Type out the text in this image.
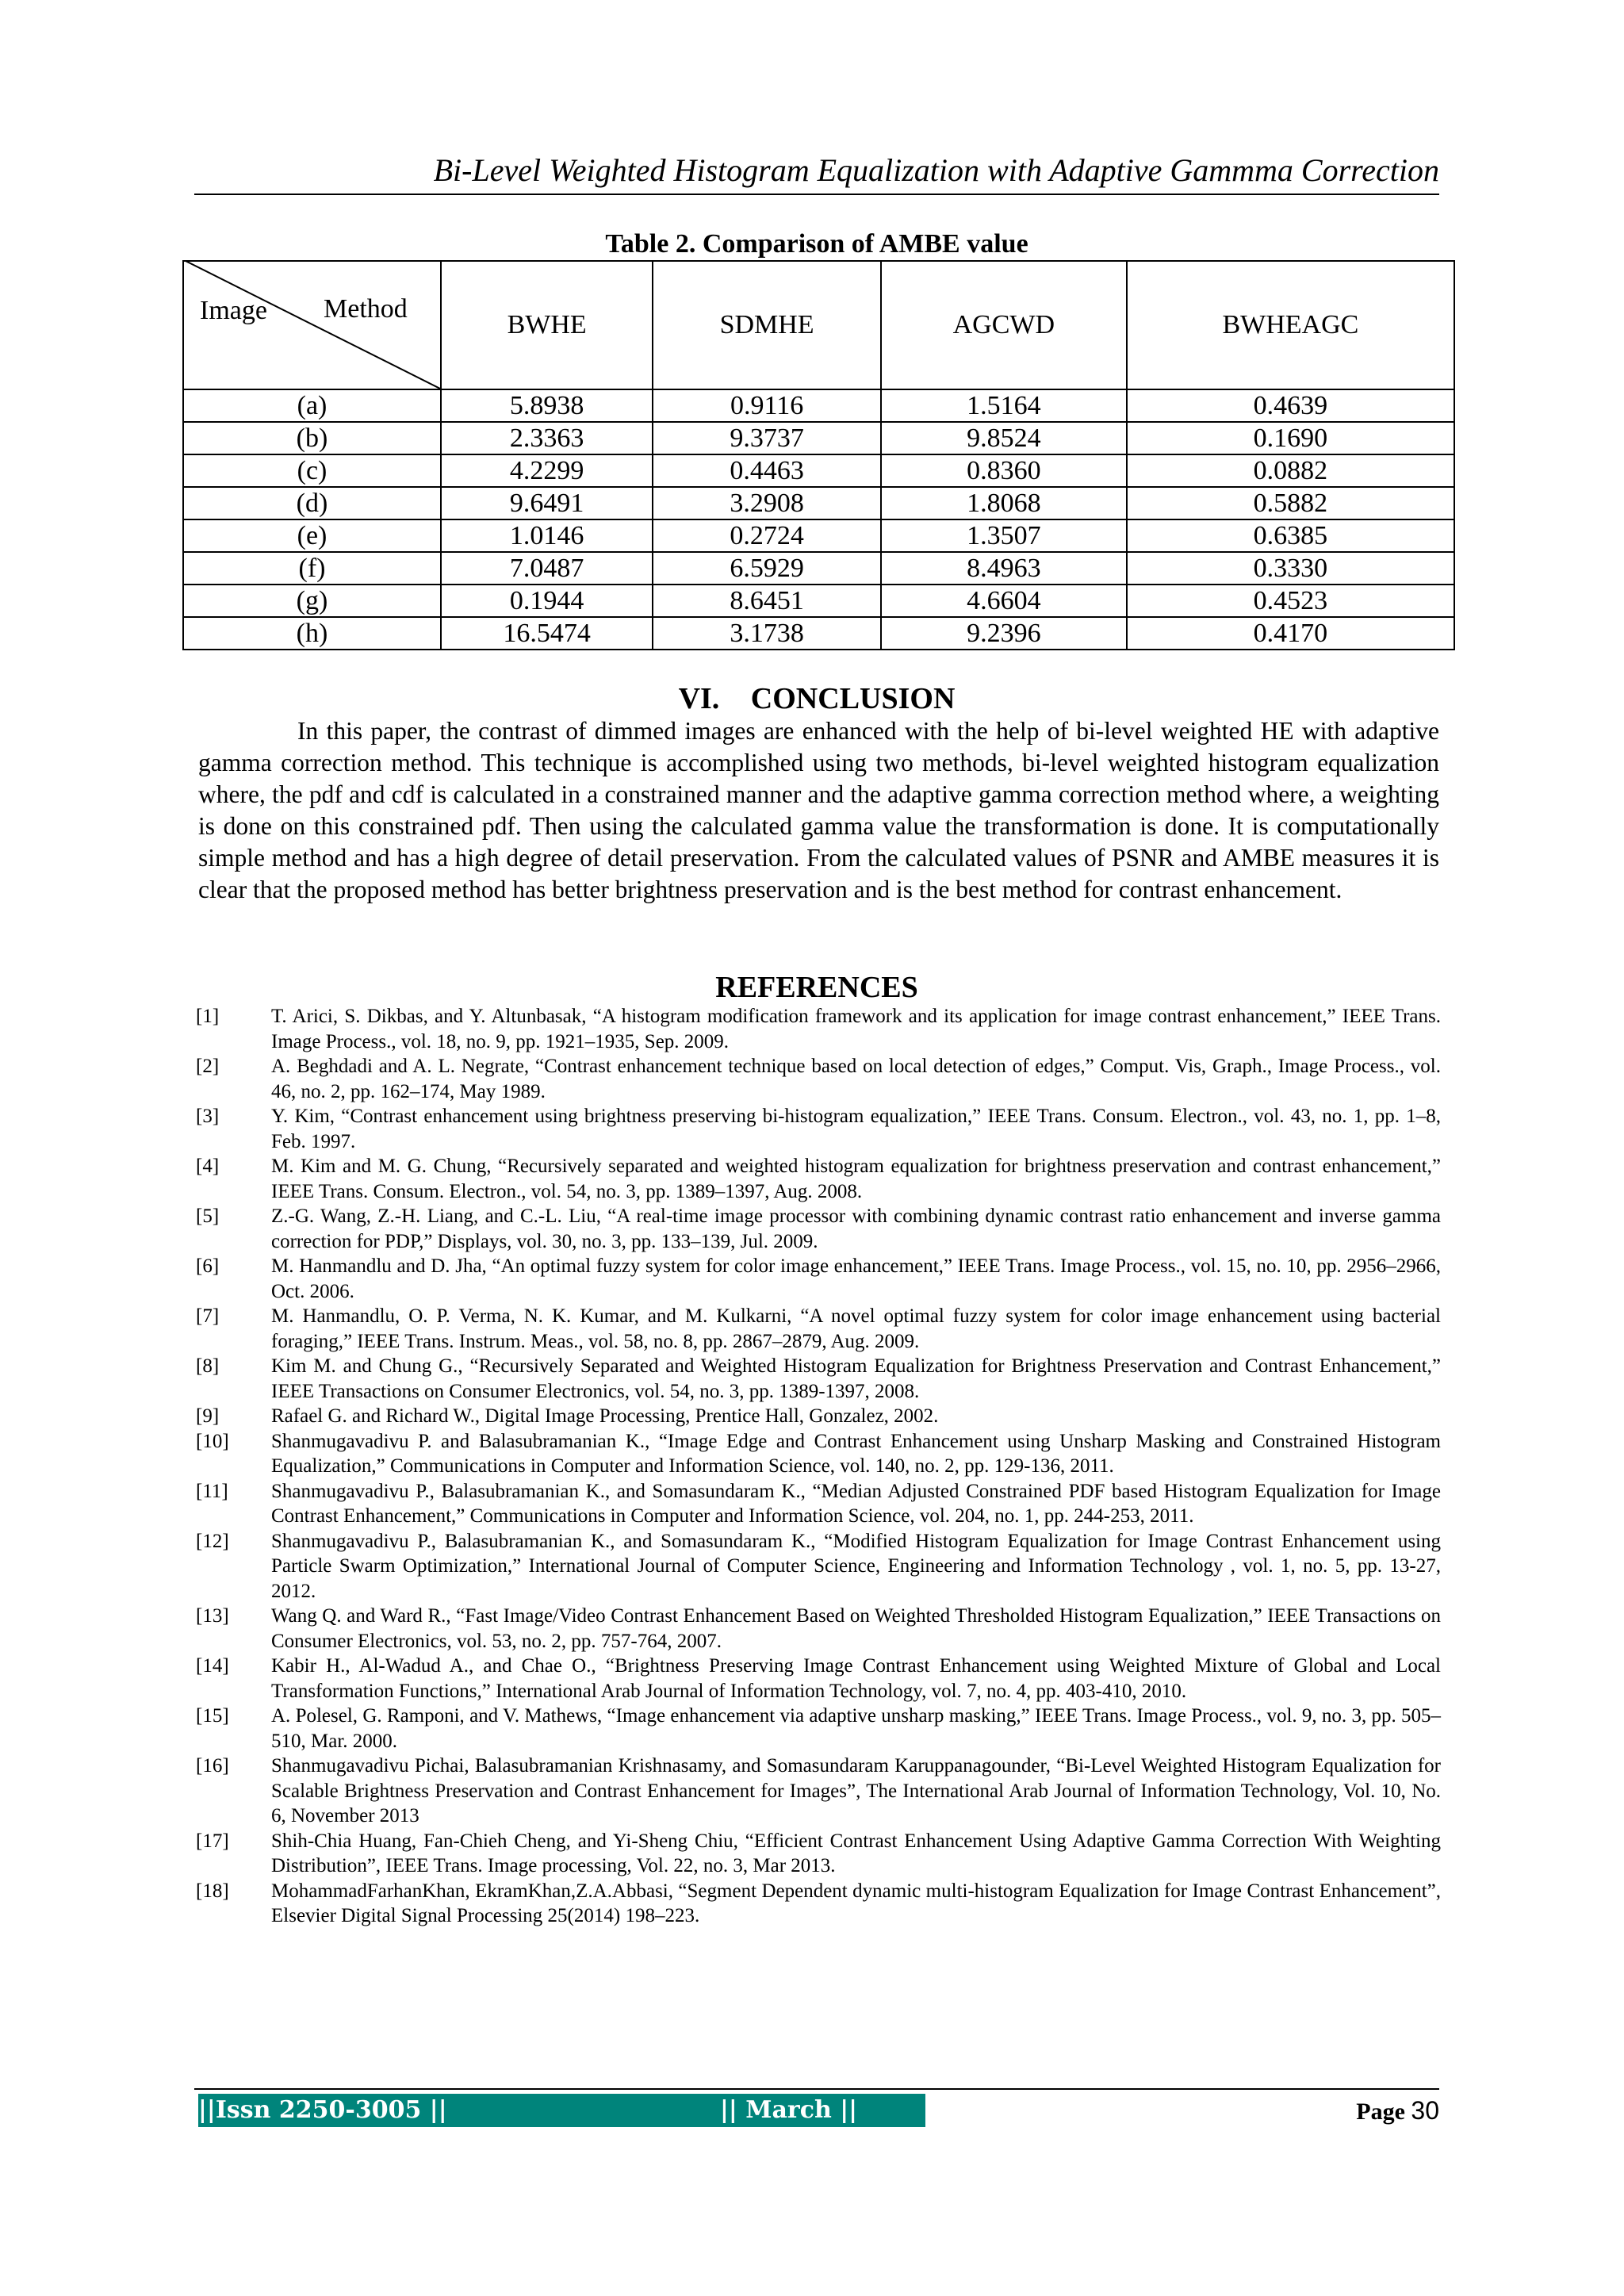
Bi-Level Weighted Histogram Equalization with Adaptive Gammma Correction
Table 2. Comparison of AMBE value
Image Method	BWHE	SDMHE	AGCWD	BWHEAGC
(a)	5.8938	0.9116	1.5164	0.4639
(b)	2.3363	9.3737	9.8524	0.1690
(c)	4.2299	0.4463	0.8360	0.0882
(d)	9.6491	3.2908	1.8068	0.5882
(e)	1.0146	0.2724	1.3507	0.6385
(f)	7.0487	6.5929	8.4963	0.3330
(g)	0.1944	8.6451	4.6604	0.4523
(h)	16.5474	3.1738	9.2396	0.4170
VI. CONCLUSION

In this paper, the contrast of dimmed images are enhanced with the help of bi-level weighted HE with adaptive gamma correction method. This technique is accomplished using two methods, bi-level weighted histogram equalization where, the pdf and cdf is calculated in a constrained manner and the adaptive gamma correction method where, a weighting is done on this constrained pdf. Then using the calculated gamma value the transformation is done. It is computationally simple method and has a high degree of detail preservation. From the calculated values of PSNR and AMBE measures it is clear that the proposed method has better brightness preservation and is the best method for contrast enhancement.

REFERENCES
[1]	T. Arici, S. Dikbas, and Y. Altunbasak, “A histogram modification framework and its application for image contrast enhancement,” IEEE Trans. Image Process., vol. 18, no. 9, pp. 1921–1935, Sep. 2009.
[2]	A. Beghdadi and A. L. Negrate, “Contrast enhancement technique based on local detection of edges,” Comput. Vis, Graph., Image Process., vol. 46, no. 2, pp. 162–174, May 1989.
[3]	Y. Kim, “Contrast enhancement using brightness preserving bi-histogram equalization,” IEEE Trans. Consum. Electron., vol. 43, no. 1, pp. 1–8, Feb. 1997.
[4]	M. Kim and M. G. Chung, “Recursively separated and weighted histogram equalization for brightness preservation and contrast enhancement,” IEEE Trans. Consum. Electron., vol. 54, no. 3, pp. 1389–1397, Aug. 2008.
[5]	Z.-G. Wang, Z.-H. Liang, and C.-L. Liu, “A real-time image processor with combining dynamic contrast ratio enhancement and inverse gamma correction for PDP,” Displays, vol. 30, no. 3, pp. 133–139, Jul. 2009.
[6]	M. Hanmandlu and D. Jha, “An optimal fuzzy system for color image enhancement,” IEEE Trans. Image Process., vol. 15, no. 10, pp. 2956–2966, Oct. 2006.
[7]	M. Hanmandlu, O. P. Verma, N. K. Kumar, and M. Kulkarni, “A novel optimal fuzzy system for color image enhancement using bacterial foraging,” IEEE Trans. Instrum. Meas., vol. 58, no. 8, pp. 2867–2879, Aug. 2009.
[8]	Kim M. and Chung G., “Recursively Separated and Weighted Histogram Equalization for Brightness Preservation and Contrast Enhancement,” IEEE Transactions on Consumer Electronics, vol. 54, no. 3, pp. 1389-1397, 2008.
[9]	Rafael G. and Richard W., Digital Image Processing, Prentice Hall, Gonzalez, 2002.
[10]	Shanmugavadivu P. and Balasubramanian K., “Image Edge and Contrast Enhancement using Unsharp Masking and Constrained Histogram Equalization,” Communications in Computer and Information Science, vol. 140, no. 2, pp. 129-136, 2011.
[11]	Shanmugavadivu P., Balasubramanian K., and Somasundaram K., “Median Adjusted Constrained PDF based Histogram Equalization for Image Contrast Enhancement,” Communications in Computer and Information Science, vol. 204, no. 1, pp. 244-253, 2011.
[12]	Shanmugavadivu P., Balasubramanian K., and Somasundaram K., “Modified Histogram Equalization for Image Contrast Enhancement using Particle Swarm Optimization,” International Journal of Computer Science, Engineering and Information Technology , vol. 1, no. 5, pp. 13-27, 2012.
[13]	Wang Q. and Ward R., “Fast Image/Video Contrast Enhancement Based on Weighted Thresholded Histogram Equalization,” IEEE Transactions on Consumer Electronics, vol. 53, no. 2, pp. 757-764, 2007.
[14]	Kabir H., Al-Wadud A., and Chae O., “Brightness Preserving Image Contrast Enhancement using Weighted Mixture of Global and Local Transformation Functions,” International Arab Journal of Information Technology, vol. 7, no. 4, pp. 403-410, 2010.
[15]	A. Polesel, G. Ramponi, and V. Mathews, “Image enhancement via adaptive unsharp masking,” IEEE Trans. Image Process., vol. 9, no. 3, pp. 505–510, Mar. 2000.
[16]	Shanmugavadivu Pichai, Balasubramanian Krishnasamy, and Somasundaram Karuppanagounder, “Bi-Level Weighted Histogram Equalization for Scalable Brightness Preservation and Contrast Enhancement for Images”, The International Arab Journal of Information Technology, Vol. 10, No. 6, November 2013
[17]	Shih-Chia Huang, Fan-Chieh Cheng, and Yi-Sheng Chiu, “Efficient Contrast Enhancement Using Adaptive Gamma Correction With Weighting Distribution”, IEEE Trans. Image processing, Vol. 22, no. 3, Mar 2013.
[18]	MohammadFarhanKhan, EkramKhan,Z.A.Abbasi, “Segment Dependent dynamic multi-histogram Equalization for Image Contrast Enhancement”, Elsevier Digital Signal Processing 25(2014) 198–223.
||Issn 2250-3005 ||	|| March || 2014 ||
Page 30
